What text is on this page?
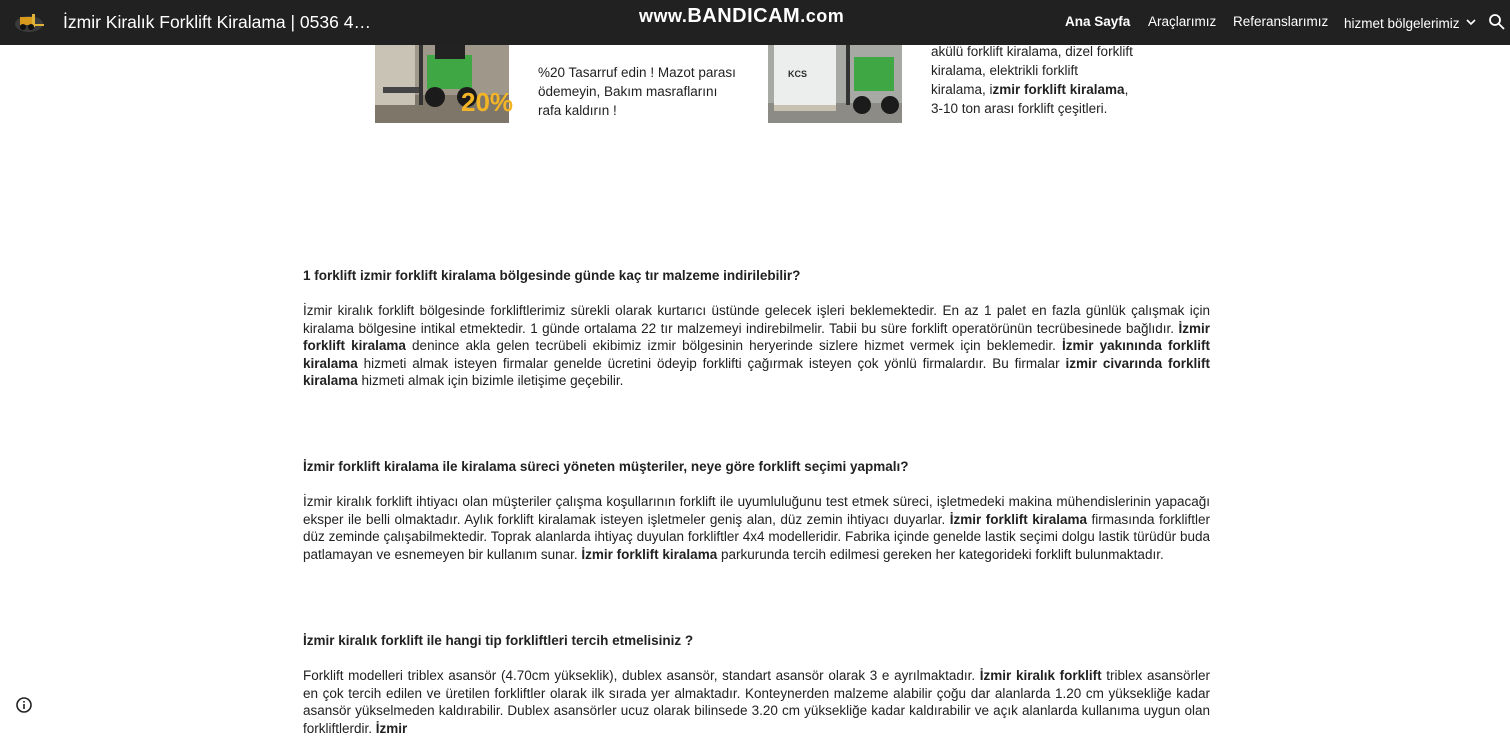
İzmir Kiralık Forklift Kiralama | 0536 4…	www.BANDICAM.com	Ana Sayfa Araçlarımız Referanslarımız hizmet bölgelerimiz
20%
%20 Tasarruf edin ! Mazot parası ödemeyin, Bakım masraflarını rafa kaldırın !
KCS
akülü forklift kiralama, dizel forklift kiralama, elektrikli forklift kiralama, izmir forklift kiralama, 3-10 ton arası forklift çeşitleri.
1 forklift izmir forklift kiralama bölgesinde günde kaç tır malzeme indirilebilir?
İzmir kiralık forklift bölgesinde forkliftlerimiz sürekli olarak kurtarıcı üstünde gelecek işleri beklemektedir. En az 1 palet en fazla günlük çalışmak için kiralama bölgesine intikal etmektedir. 1 günde ortalama 22 tır malzemeyi indirebilmelir. Tabii bu süre forklift operatörünün tecrübesinede bağlıdır. İzmir forklift kiralama denince akla gelen tecrübeli ekibimiz izmir bölgesinin heryerinde sizlere hizmet vermek için beklemedir. İzmir yakınında forklift kiralama hizmeti almak isteyen firmalar genelde ücretini ödeyip forklifti çağırmak isteyen çok yönlü firmalardır. Bu firmalar izmir civarında forklift kiralama hizmeti almak için bizimle iletişime geçebilir.
İzmir forklift kiralama ile kiralama süreci yöneten müşteriler, neye göre forklift seçimi yapmalı?
İzmir kiralık forklift ihtiyacı olan müşteriler çalışma koşullarının forklift ile uyumluluğunu test etmek süreci, işletmedeki makina mühendislerinin yapacağı eksper ile belli olmaktadır. Aylık forklift kiralamak isteyen işletmeler geniş alan, düz zemin ihtiyacı duyarlar. İzmir forklift kiralama firmasında forkliftler düz zeminde çalışabilmektedir. Toprak alanlarda ihtiyaç duyulan forkliftler 4x4 modelleridir. Fabrika içinde genelde lastik seçimi dolgu lastik türüdür buda patlamayan ve esnemeyen bir kullanım sunar. İzmir forklift kiralama parkurunda tercih edilmesi gereken her kategorideki forklift bulunmaktadır.
İzmir kiralık forklift ile hangi tip forkliftleri tercih etmelisiniz ?
Forklift modelleri triblex asansör (4.70cm yükseklik), dublex asansör, standart asansör olarak 3 e ayrılmaktadır. İzmir kiralık forklift triblex asansörler en çok tercih edilen ve üretilen forkliftler olarak ilk sırada yer almaktadır. Konteynerden malzeme alabilir çoğu dar alanlarda 1.20 cm yüksekliğe kadar asansör yükselmeden kaldırabilir. Dublex asansörler ucuz olarak bilinsede 3.20 cm yüksekliğe kadar kaldırabilir ve açık alanlarda kullanıma uygun olan forkliftlerdir. İzmir
